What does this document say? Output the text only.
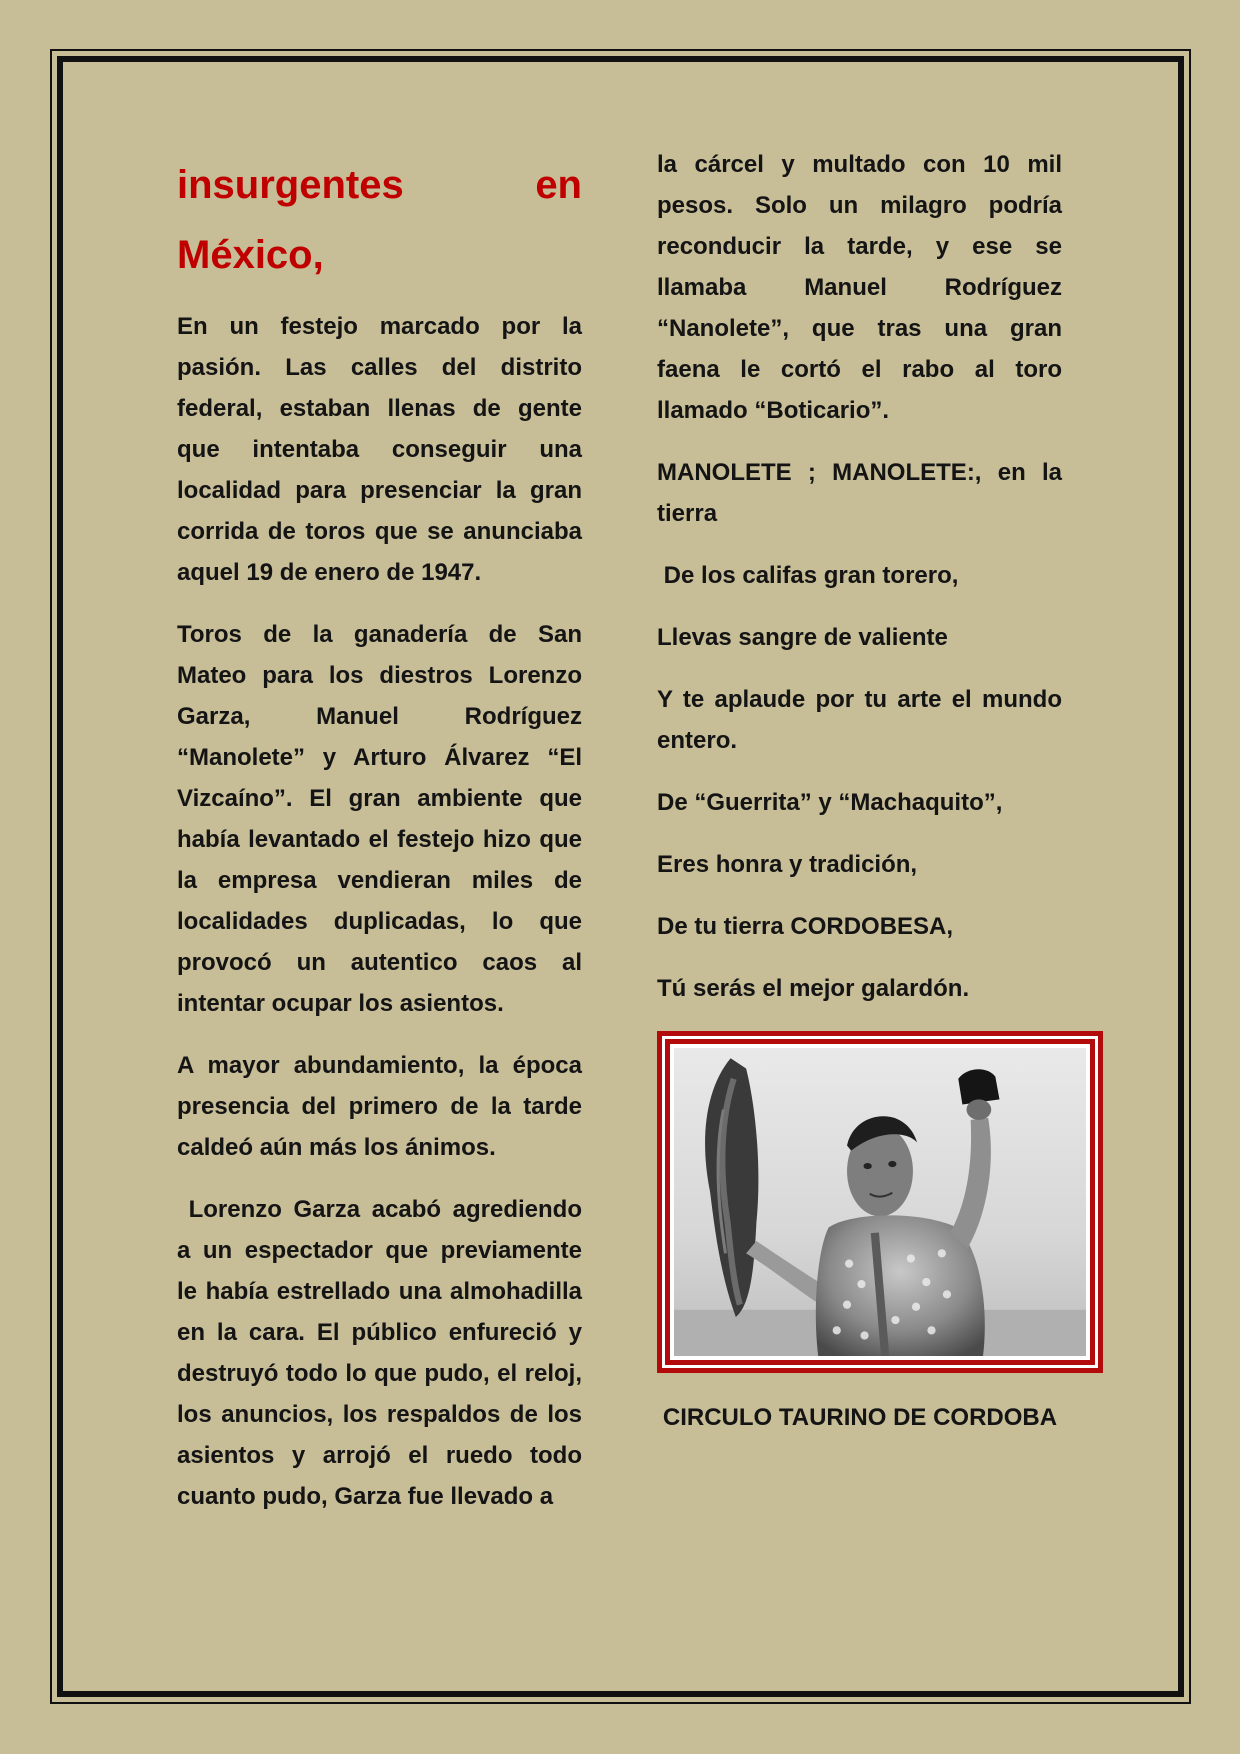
insurgentes	en
México,

En un festejo marcado por la pasión. Las calles del distrito federal, estaban llenas de gente que intentaba conseguir una localidad para presenciar la gran corrida de toros que se anunciaba aquel 19 de enero de 1947.

Toros de la ganadería de San Mateo para los diestros Lorenzo Garza, Manuel Rodríguez “Manolete” y Arturo Álvarez “El Vizcaíno”. El gran ambiente que había levantado el festejo hizo que la empresa vendieran miles de localidades duplicadas, lo que provocó un autentico caos al intentar ocupar los asientos.

A mayor abundamiento, la época presencia del primero de la tarde caldeó aún más los ánimos.

Lorenzo Garza acabó agrediendo a un espectador que previamente le había estrellado una almohadilla en la cara. El público enfureció y destruyó todo lo que pudo, el reloj, los anuncios, los respaldos de los asientos y arrojó el ruedo todo cuanto pudo, Garza fue llevado a

la cárcel y multado con 10 mil pesos. Solo un milagro podría reconducir la tarde, y ese se llamaba Manuel Rodríguez “Nanolete”, que tras una gran faena le cortó el rabo al toro llamado “Boticario”.

MANOLETE ; MANOLETE:, en la tierra

De los califas gran torero,

Llevas sangre de valiente

Y te aplaude por tu arte el mundo entero.

De “Guerrita” y “Machaquito”,

Eres honra y tradición,

De tu tierra CORDOBESA,

Tú serás el mejor galardón.

CIRCULO TAURINO DE CORDOBA
